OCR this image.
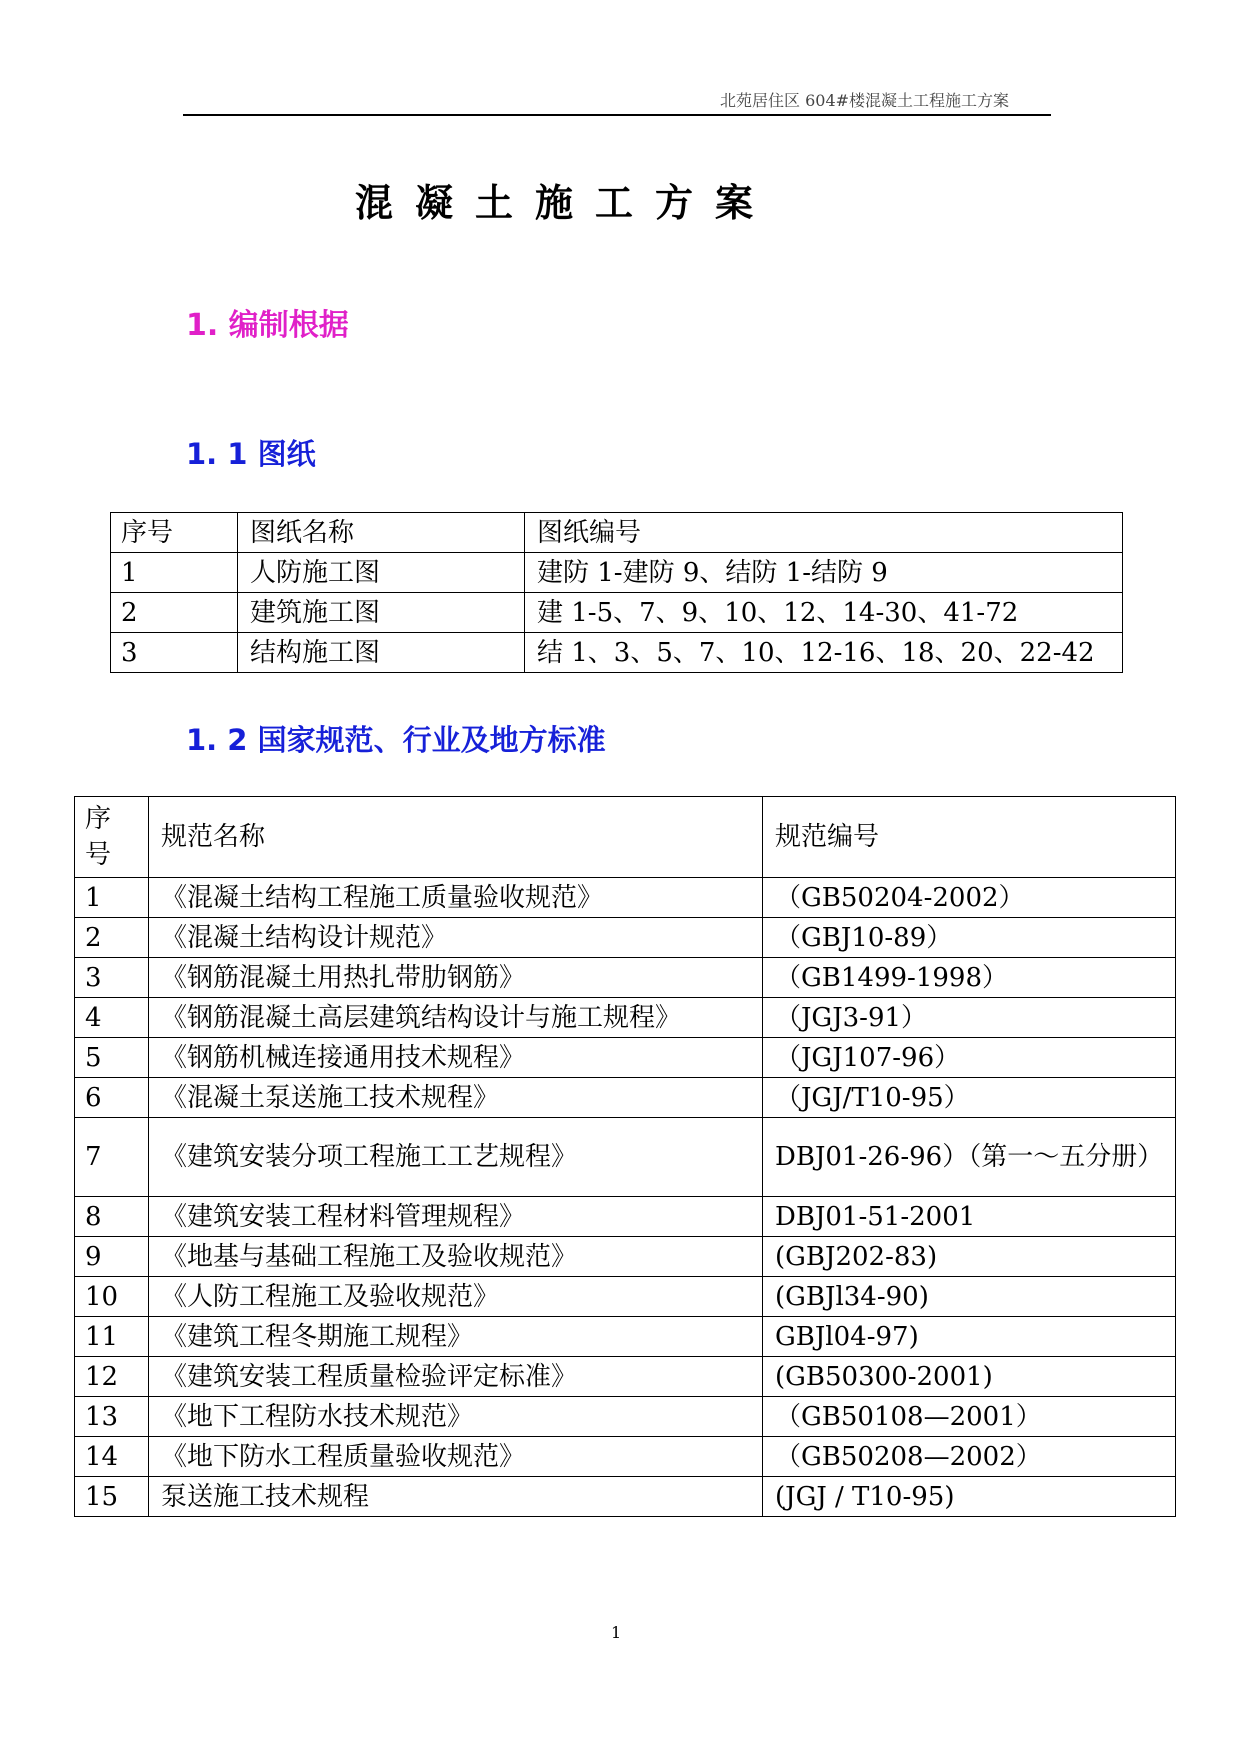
北苑居住区 604#楼混凝土工程施工方案
混凝土施工方案
1. 编制根据
1. 1 图纸
序号	图纸名称	图纸编号
1	人防施工图	建防 1-建防 9、结防 1-结防 9
2	建筑施工图	建 1-5、7、9、10、12、14-30、41-72
3	结构施工图	结 1、3、5、7、10、12-16、18、20、22-42
1. 2 国家规范、行业及地方标准
序号	规范名称	规范编号
1	《混凝土结构工程施工质量验收规范》	（GB50204-2002）
2	《混凝土结构设计规范》	（GBJ10-89）
3	《钢筋混凝土用热扎带肋钢筋》	（GB1499-1998）
4	《钢筋混凝土高层建筑结构设计与施工规程》	（JGJ3-91）
5	《钢筋机械连接通用技术规程》	（JGJ107-96）
6	《混凝土泵送施工技术规程》	（JGJ/T10-95）
7	《建筑安装分项工程施工工艺规程》	DBJ01-26-96）（第一～五分册）
8	《建筑安装工程材料管理规程》	DBJ01-51-2001
9	《地基与基础工程施工及验收规范》	(GBJ202-83)
10	《人防工程施工及验收规范》	(GBJl34-90)
11	《建筑工程冬期施工规程》	GBJl04-97)
12	《建筑安装工程质量检验评定标准》	(GB50300-2001)
13	《地下工程防水技术规范》	（GB50108—2001）
14	《地下防水工程质量验收规范》	（GB50208—2002）
15	泵送施工技术规程	(JGJ / T10-95)
1
